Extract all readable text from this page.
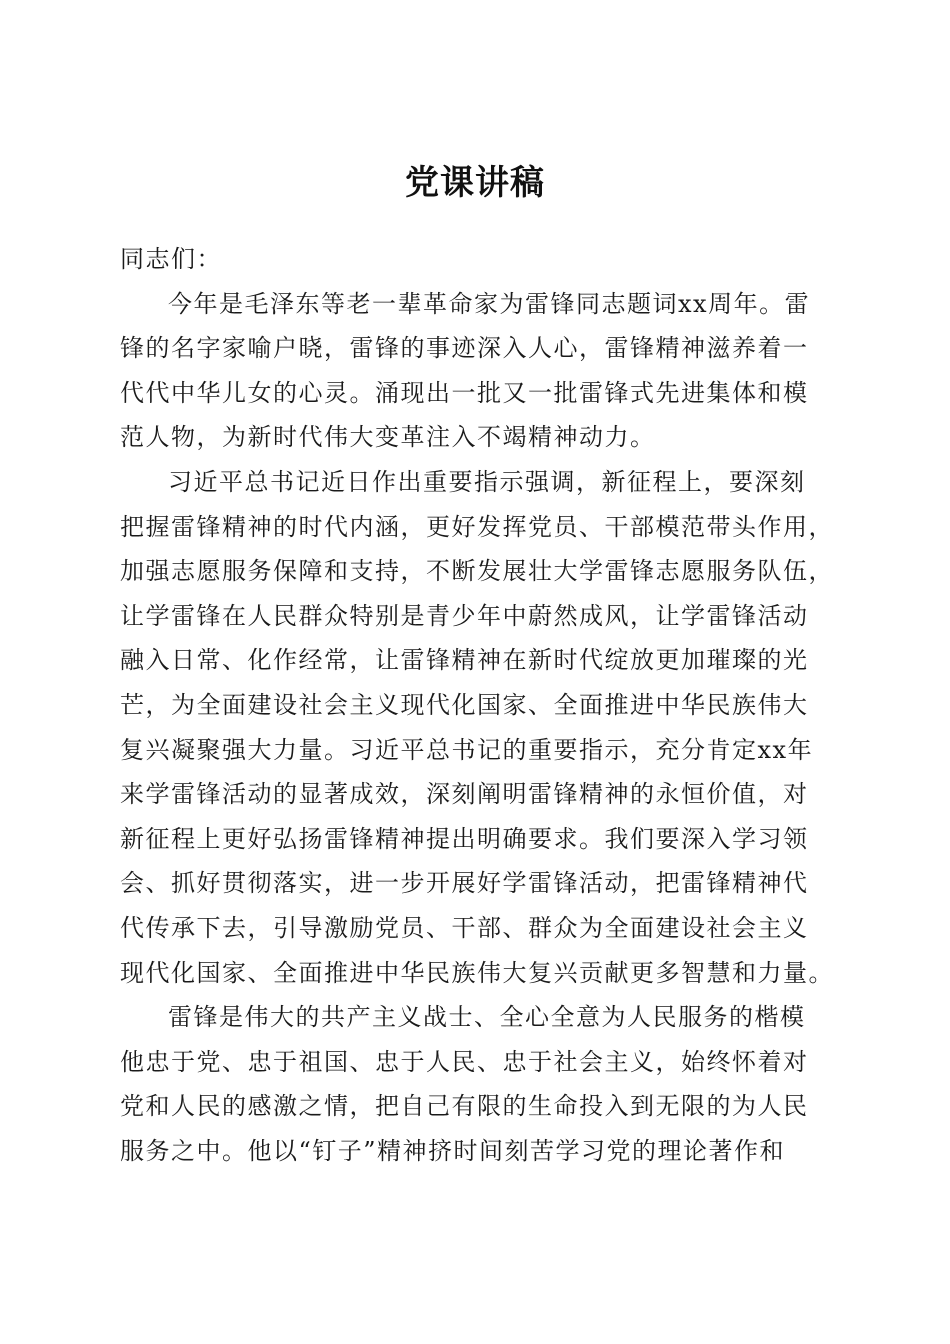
党课讲稿

同志们：

今年是毛泽东等老一辈革命家为雷锋同志题词xx周年。雷
锋的名字家喻户晓，雷锋的事迹深入人心，雷锋精神滋养着一
代代中华儿女的心灵。涌现出一批又一批雷锋式先进集体和模
范人物，为新时代伟大变革注入不竭精神动力。

习近平总书记近日作出重要指示强调，新征程上，要深刻
把握雷锋精神的时代内涵，更好发挥党员、干部模范带头作用，
加强志愿服务保障和支持，不断发展壮大学雷锋志愿服务队伍，
让学雷锋在人民群众特别是青少年中蔚然成风，让学雷锋活动
融入日常、化作经常，让雷锋精神在新时代绽放更加璀璨的光
芒，为全面建设社会主义现代化国家、全面推进中华民族伟大
复兴凝聚强大力量。习近平总书记的重要指示，充分肯定xx年
来学雷锋活动的显著成效，深刻阐明雷锋精神的永恒价值，对
新征程上更好弘扬雷锋精神提出明确要求。我们要深入学习领
会、抓好贯彻落实，进一步开展好学雷锋活动，把雷锋精神代
代传承下去，引导激励党员、干部、群众为全面建设社会主义
现代化国家、全面推进中华民族伟大复兴贡献更多智慧和力量。

雷锋是伟大的共产主义战士、全心全意为人民服务的楷模
他忠于党、忠于祖国、忠于人民、忠于社会主义，始终怀着对
党和人民的感激之情，把自己有限的生命投入到无限的为人民
服务之中。他以“钉子”精神挤时间刻苦学习党的理论著作和
